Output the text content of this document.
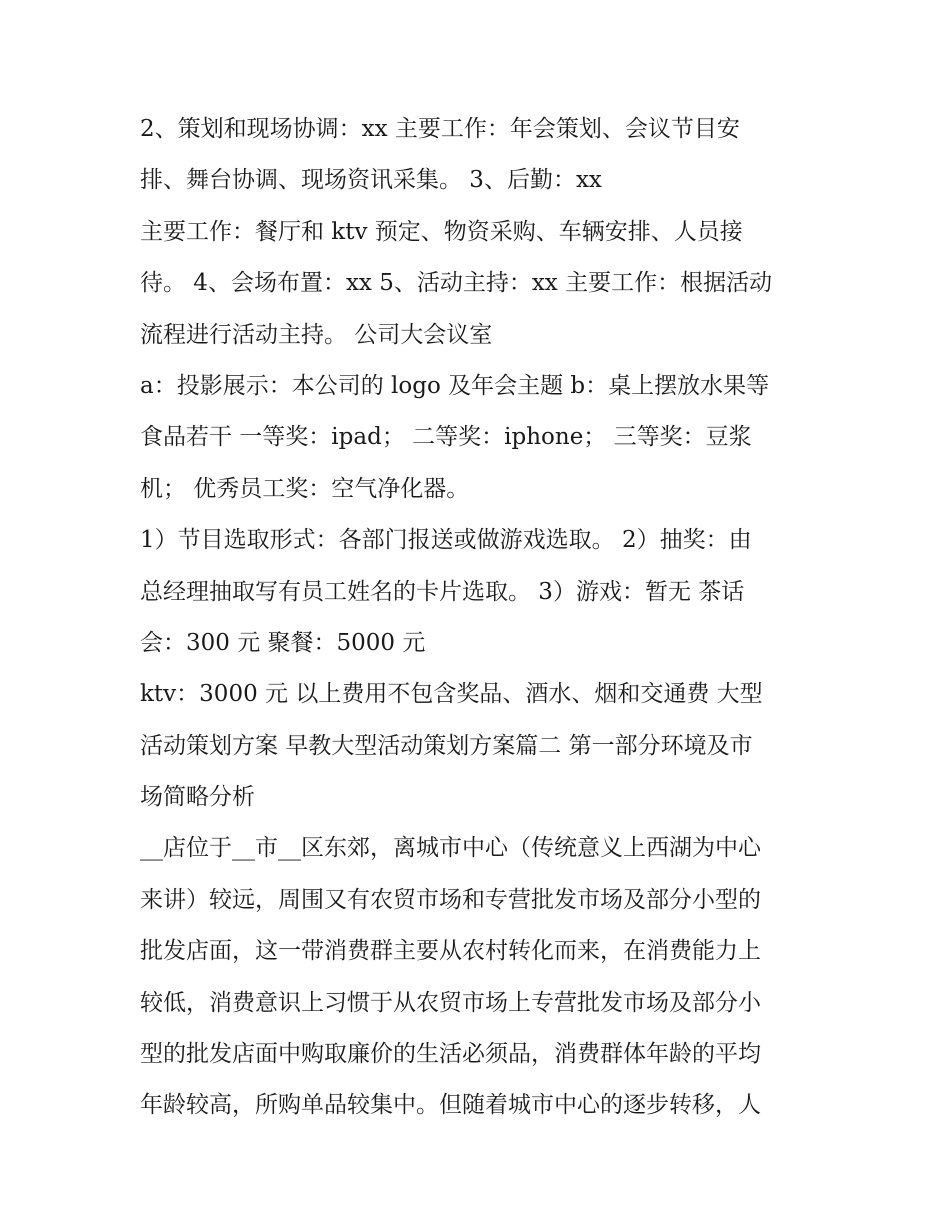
2、策划和现场协调：xx 主要工作：年会策划、会议节目安
排、舞台协调、现场资讯采集。 3、后勤：xx
主要工作：餐厅和 ktv 预定、物资采购、车辆安排、人员接
待。 4、会场布置：xx 5、活动主持：xx 主要工作：根据活动
流程进行活动主持。 公司大会议室
a：投影展示：本公司的 logo 及年会主题 b：桌上摆放水果等
食品若干 一等奖：ipad； 二等奖：iphone； 三等奖：豆浆
机； 优秀员工奖：空气净化器。
1）节目选取形式：各部门报送或做游戏选取。 2）抽奖：由
总经理抽取写有员工姓名的卡片选取。 3）游戏：暂无 茶话
会：300 元 聚餐：5000 元
ktv：3000 元 以上费用不包含奖品、酒水、烟和交通费 大型
活动策划方案 早教大型活动策划方案篇二 第一部分环境及市
场简略分析
__店位于__市__区东郊，离城市中心（传统意义上西湖为中心
来讲）较远，周围又有农贸市场和专营批发市场及部分小型的
批发店面，这一带消费群主要从农村转化而来，在消费能力上
较低，消费意识上习惯于从农贸市场上专营批发市场及部分小
型的批发店面中购取廉价的生活必须品，消费群体年龄的平均
年龄较高，所购单品较集中。但随着城市中心的逐步转移，人
